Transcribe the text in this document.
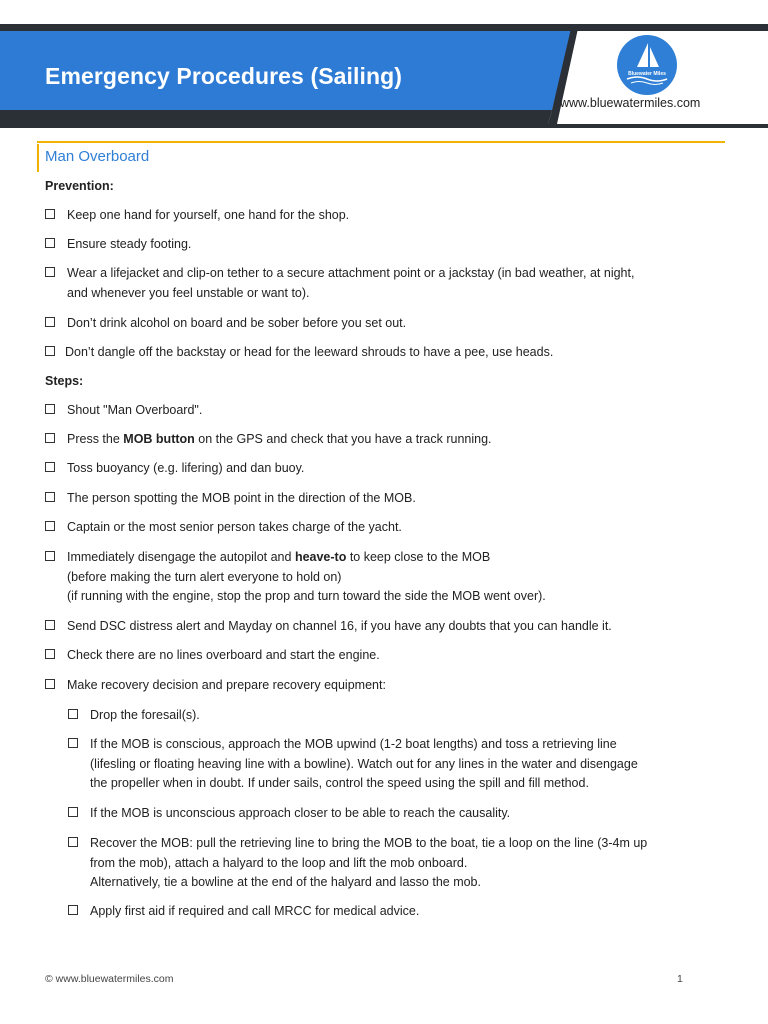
Emergency Procedures (Sailing)	Bluewater Miles
www.bluewatermiles.com
Man Overboard
Prevention:
Keep one hand for yourself, one hand for the shop.
Ensure steady footing.
Wear a lifejacket and clip-on tether to a secure attachment point or a jackstay (in bad weather, at night,
and whenever you feel unstable or want to).
Don’t drink alcohol on board and be sober before you set out.
Don’t dangle off the backstay or head for the leeward shrouds to have a pee, use heads.
Steps:
Shout "Man Overboard".
Press the MOB button on the GPS and check that you have a track running.
Toss buoyancy (e.g. lifering) and dan buoy.
The person spotting the MOB point in the direction of the MOB.
Captain or the most senior person takes charge of the yacht.
Immediately disengage the autopilot and heave-to to keep close to the MOB
(before making the turn alert everyone to hold on)
(if running with the engine, stop the prop and turn toward the side the MOB went over).
Send DSC distress alert and Mayday on channel 16, if you have any doubts that you can handle it.
Check there are no lines overboard and start the engine.
Make recovery decision and prepare recovery equipment:
Drop the foresail(s).
If the MOB is conscious, approach the MOB upwind (1-2 boat lengths) and toss a retrieving line
(lifesling or floating heaving line with a bowline). Watch out for any lines in the water and disengage
the propeller when in doubt. If under sails, control the speed using the spill and fill method.
If the MOB is unconscious approach closer to be able to reach the causality.
Recover the MOB: pull the retrieving line to bring the MOB to the boat, tie a loop on the line (3-4m up
from the mob), attach a halyard to the loop and lift the mob onboard.
Alternatively, tie a bowline at the end of the halyard and lasso the mob.
Apply first aid if required and call MRCC for medical advice.
© www.bluewatermiles.com	1
